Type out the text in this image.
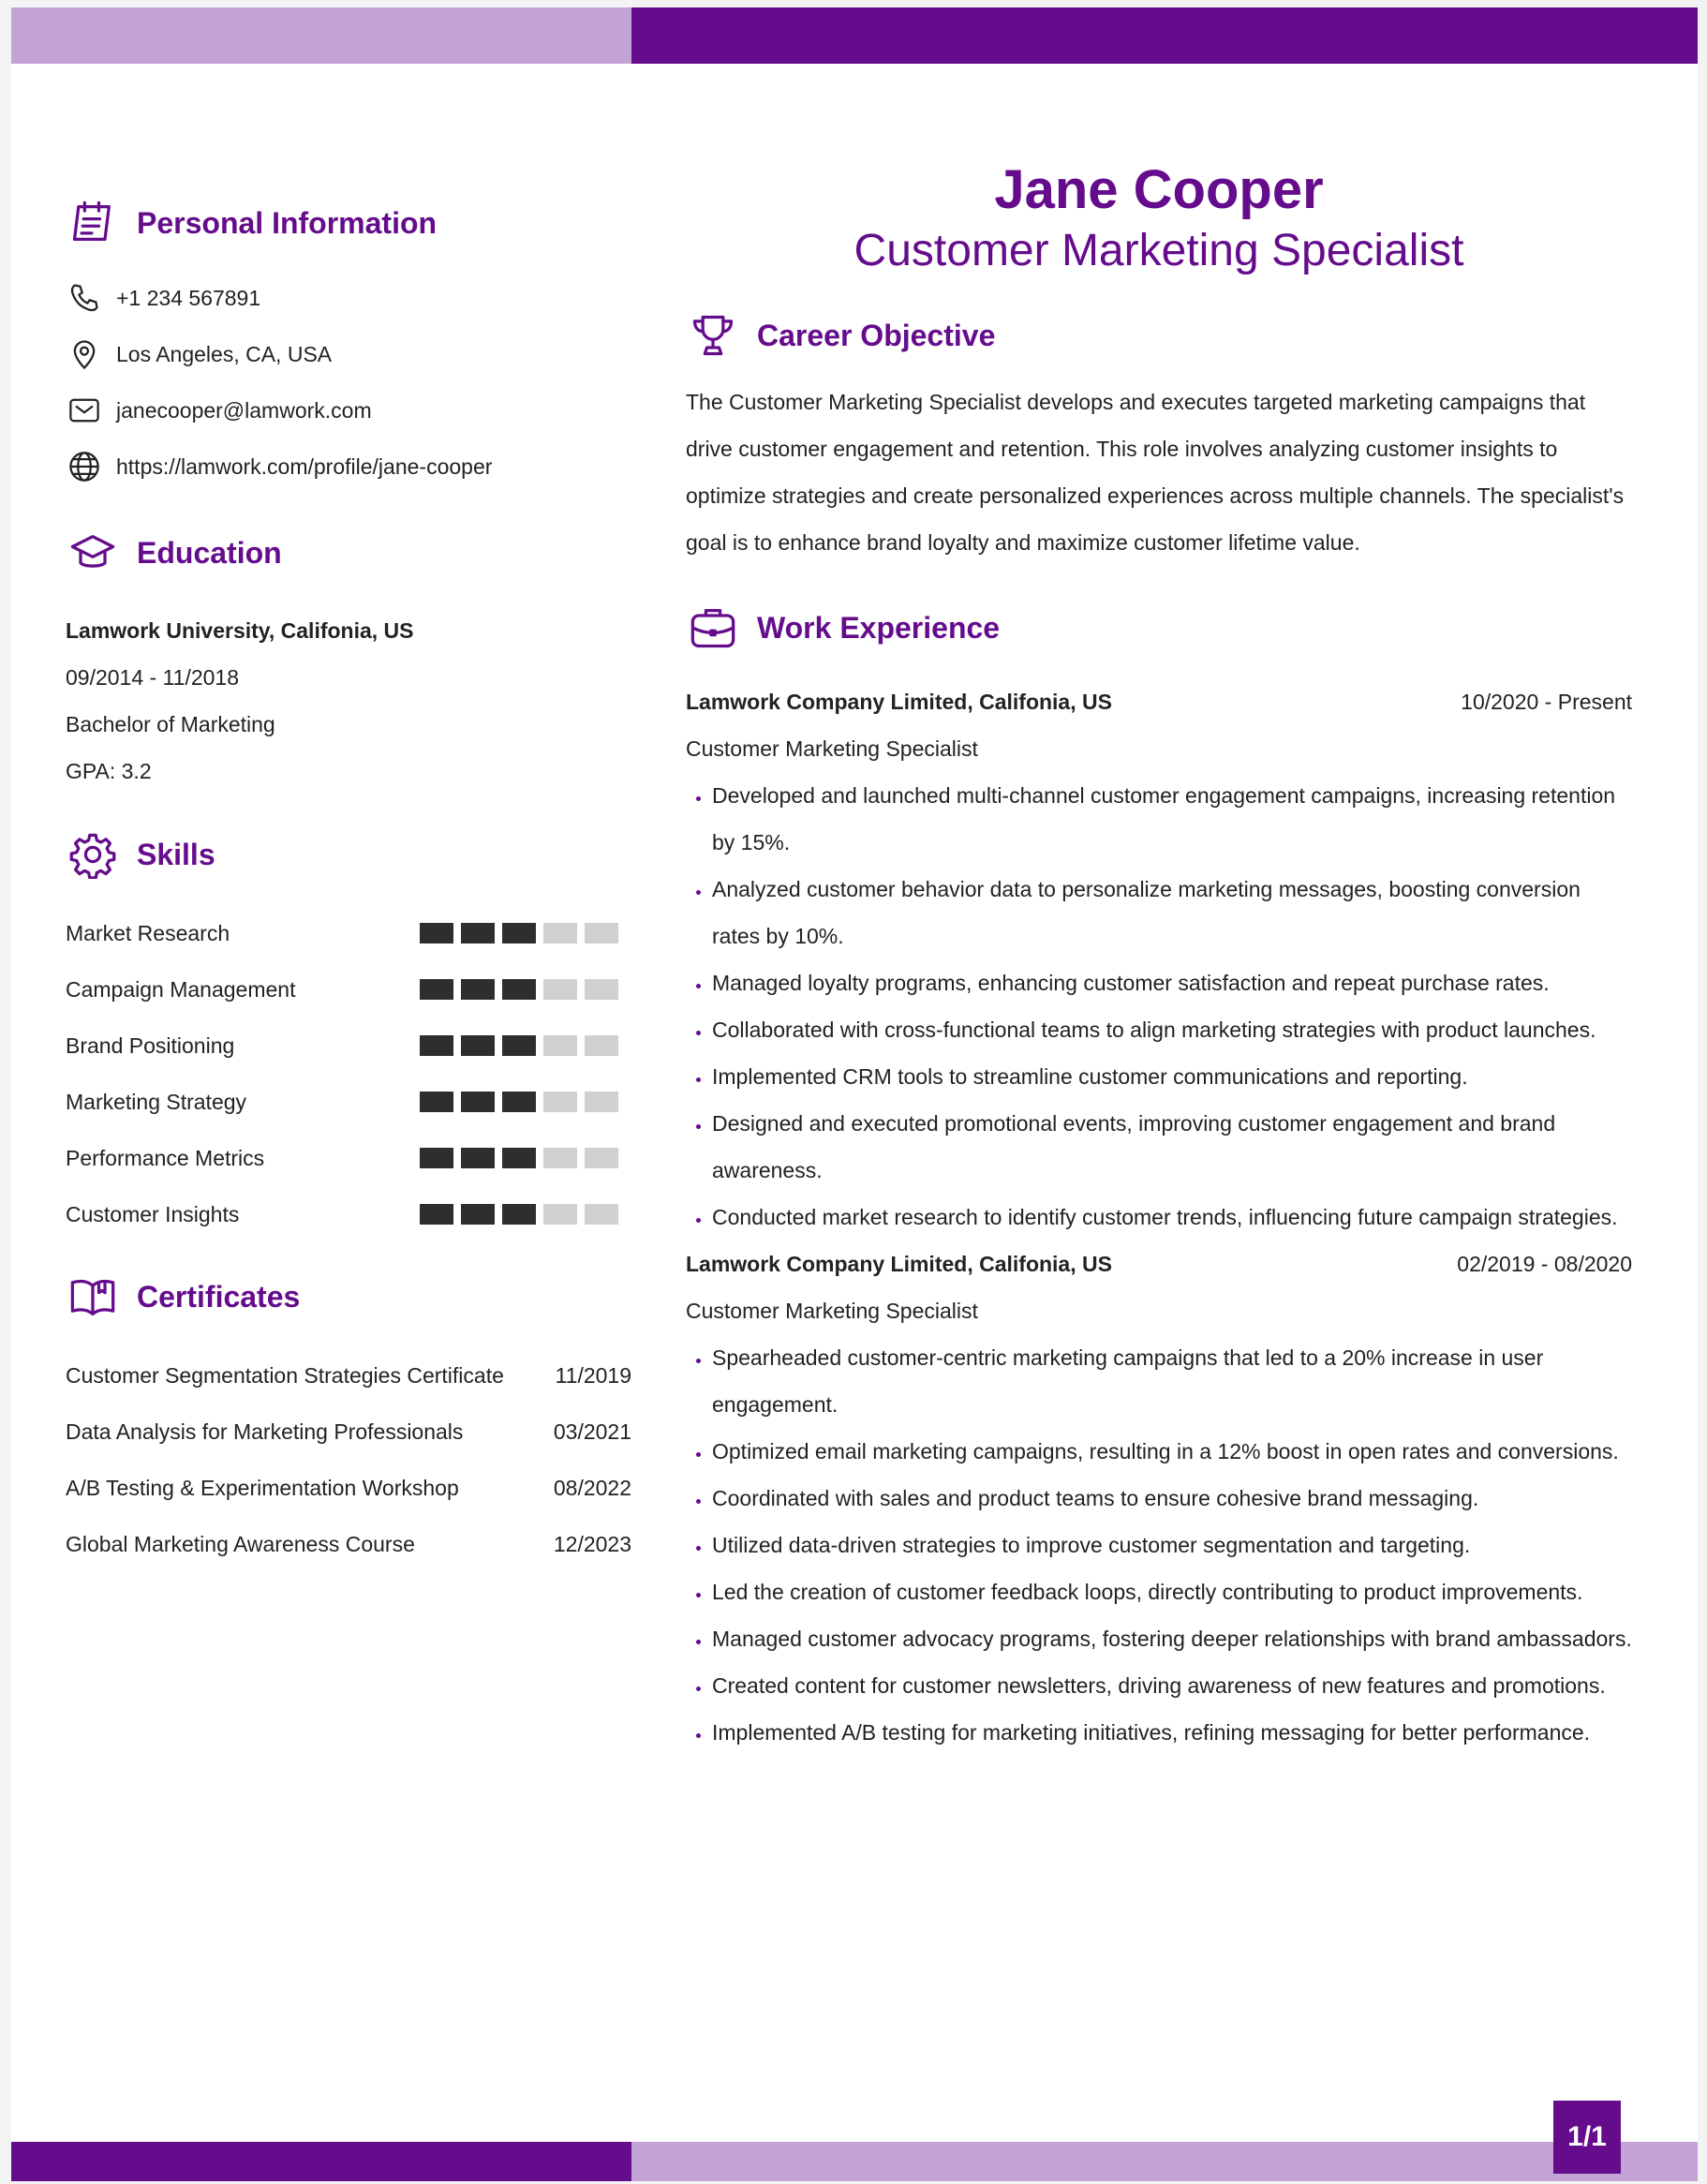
Personal Information
+1 234 567891
Los Angeles, CA, USA
janecooper@lamwork.com
https://lamwork.com/profile/jane-cooper
Education
Lamwork University, Califonia, US
09/2014 - 11/2018
Bachelor of Marketing
GPA: 3.2
Skills
Market Research
Campaign Management
Brand Positioning
Marketing Strategy
Performance Metrics
Customer Insights
Certificates
Customer Segmentation Strategies Certificate 11/2019
Data Analysis for Marketing Professionals	03/2021
A/B Testing & Experimentation Workshop	08/2022
Global Marketing Awareness Course	12/2023
Jane Cooper
Customer Marketing Specialist
Career Objective
The Customer Marketing Specialist develops and executes targeted marketing campaigns that drive customer engagement and retention. This role involves analyzing customer insights to optimize strategies and create personalized experiences across multiple channels. The specialist's goal is to enhance brand loyalty and maximize customer lifetime value.
Work Experience
Lamwork Company Limited, Califonia, US	10/2020 - Present
Customer Marketing Specialist
• Developed and launched multi-channel customer engagement campaigns, increasing retention by 15%.
• Analyzed customer behavior data to personalize marketing messages, boosting conversion rates by 10%.
• Managed loyalty programs, enhancing customer satisfaction and repeat purchase rates.
• Collaborated with cross-functional teams to align marketing strategies with product launches.
• Implemented CRM tools to streamline customer communications and reporting.
• Designed and executed promotional events, improving customer engagement and brand awareness.
• Conducted market research to identify customer trends, influencing future campaign strategies.
Lamwork Company Limited, Califonia, US	02/2019 - 08/2020
Customer Marketing Specialist
• Spearheaded customer-centric marketing campaigns that led to a 20% increase in user engagement.
• Optimized email marketing campaigns, resulting in a 12% boost in open rates and conversions.
• Coordinated with sales and product teams to ensure cohesive brand messaging.
• Utilized data-driven strategies to improve customer segmentation and targeting.
• Led the creation of customer feedback loops, directly contributing to product improvements.
• Managed customer advocacy programs, fostering deeper relationships with brand ambassadors.
• Created content for customer newsletters, driving awareness of new features and promotions.
• Implemented A/B testing for marketing initiatives, refining messaging for better performance.
1/1
